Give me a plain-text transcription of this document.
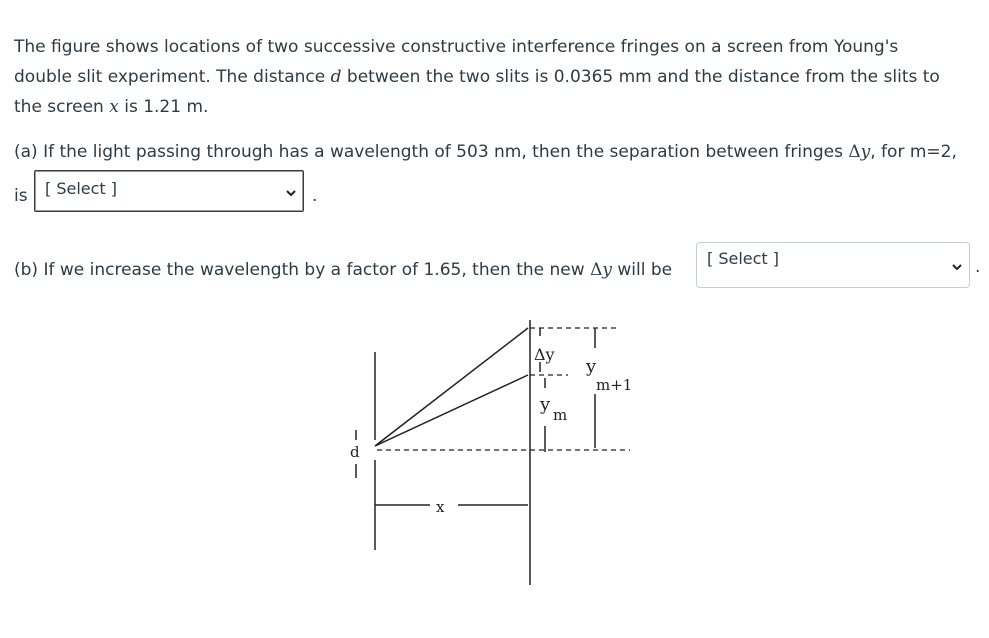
The figure shows locations of two successive constructive interference fringes on a screen from Young's
double slit experiment. The distance d between the two slits is 0.0365 mm and the distance from the slits to
the screen x is 1.21 m.

(a) If the light passing through has a wavelength of 503 nm, then the separation between fringes Δy, for m=2,

is [ Select ]	.

(b) If we increase the wavelength by a factor of 1.65, then the new Δy will be

[ Select ]	.
Δy
y
m+1
y m
d
x
